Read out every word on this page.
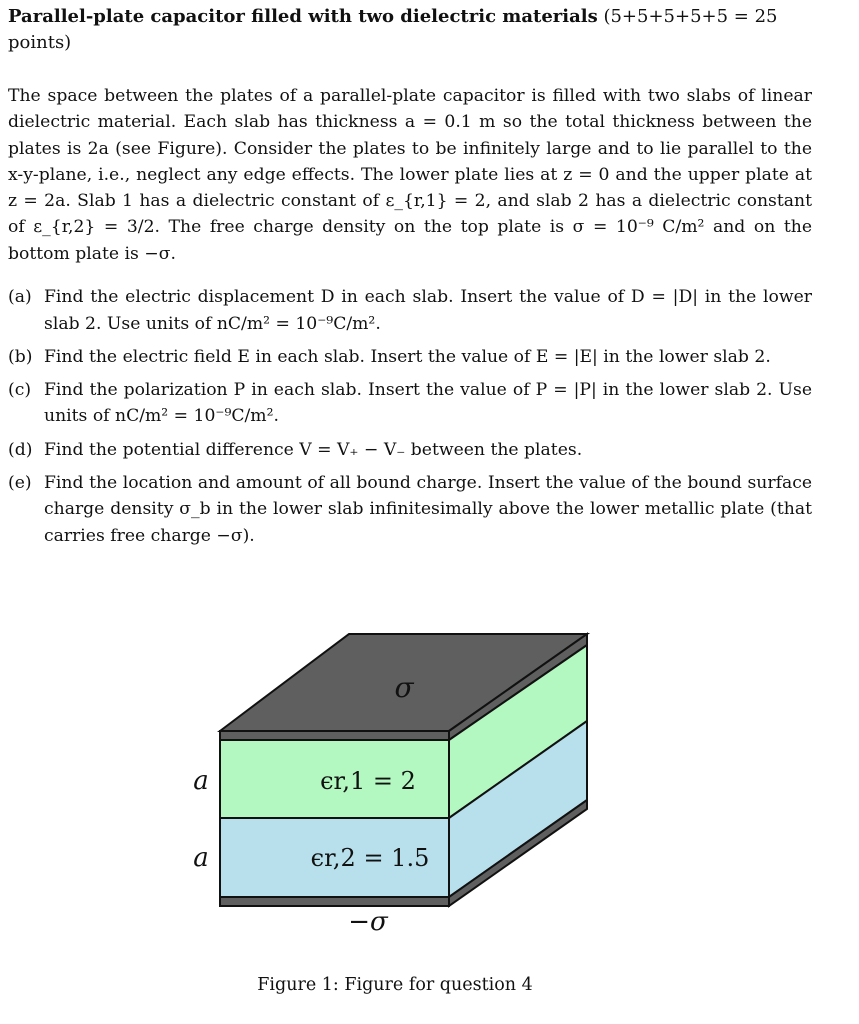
Parallel-plate capacitor filled with two dielectric materials (5+5+5+5+5 = 25 points)

The space between the plates of a parallel-plate capacitor is filled with two slabs of linear dielectric material. Each slab has thickness a = 0.1 m so the total thickness between the plates is 2a (see Figure). Consider the plates to be infinitely large and to lie parallel to the x-y-plane, i.e., neglect any edge effects. The lower plate lies at z = 0 and the upper plate at z = 2a. Slab 1 has a dielectric constant of ε_{r,1} = 2, and slab 2 has a dielectric constant of ε_{r,2} = 3/2. The free charge density on the top plate is σ = 10⁻⁹ C/m² and on the bottom plate is −σ.

(a) Find the electric displacement D in each slab. Insert the value of D = |D| in the lower slab 2. Use units of nC/m² = 10⁻⁹C/m².
(b) Find the electric field E in each slab. Insert the value of E = |E| in the lower slab 2.
(c) Find the polarization P in each slab. Insert the value of P = |P| in the lower slab 2. Use units of nC/m² = 10⁻⁹C/m².
(d) Find the potential difference V = V₊ − V₋ between the plates.
(e) Find the location and amount of all bound charge. Insert the value of the bound surface charge density σ_b in the lower slab infinitesimally above the lower metallic plate (that carries free charge −σ).
σ
ϵr,1 = 2
ϵr,2 = 1.5
a
a
−σ
Figure 1: Figure for question 4
